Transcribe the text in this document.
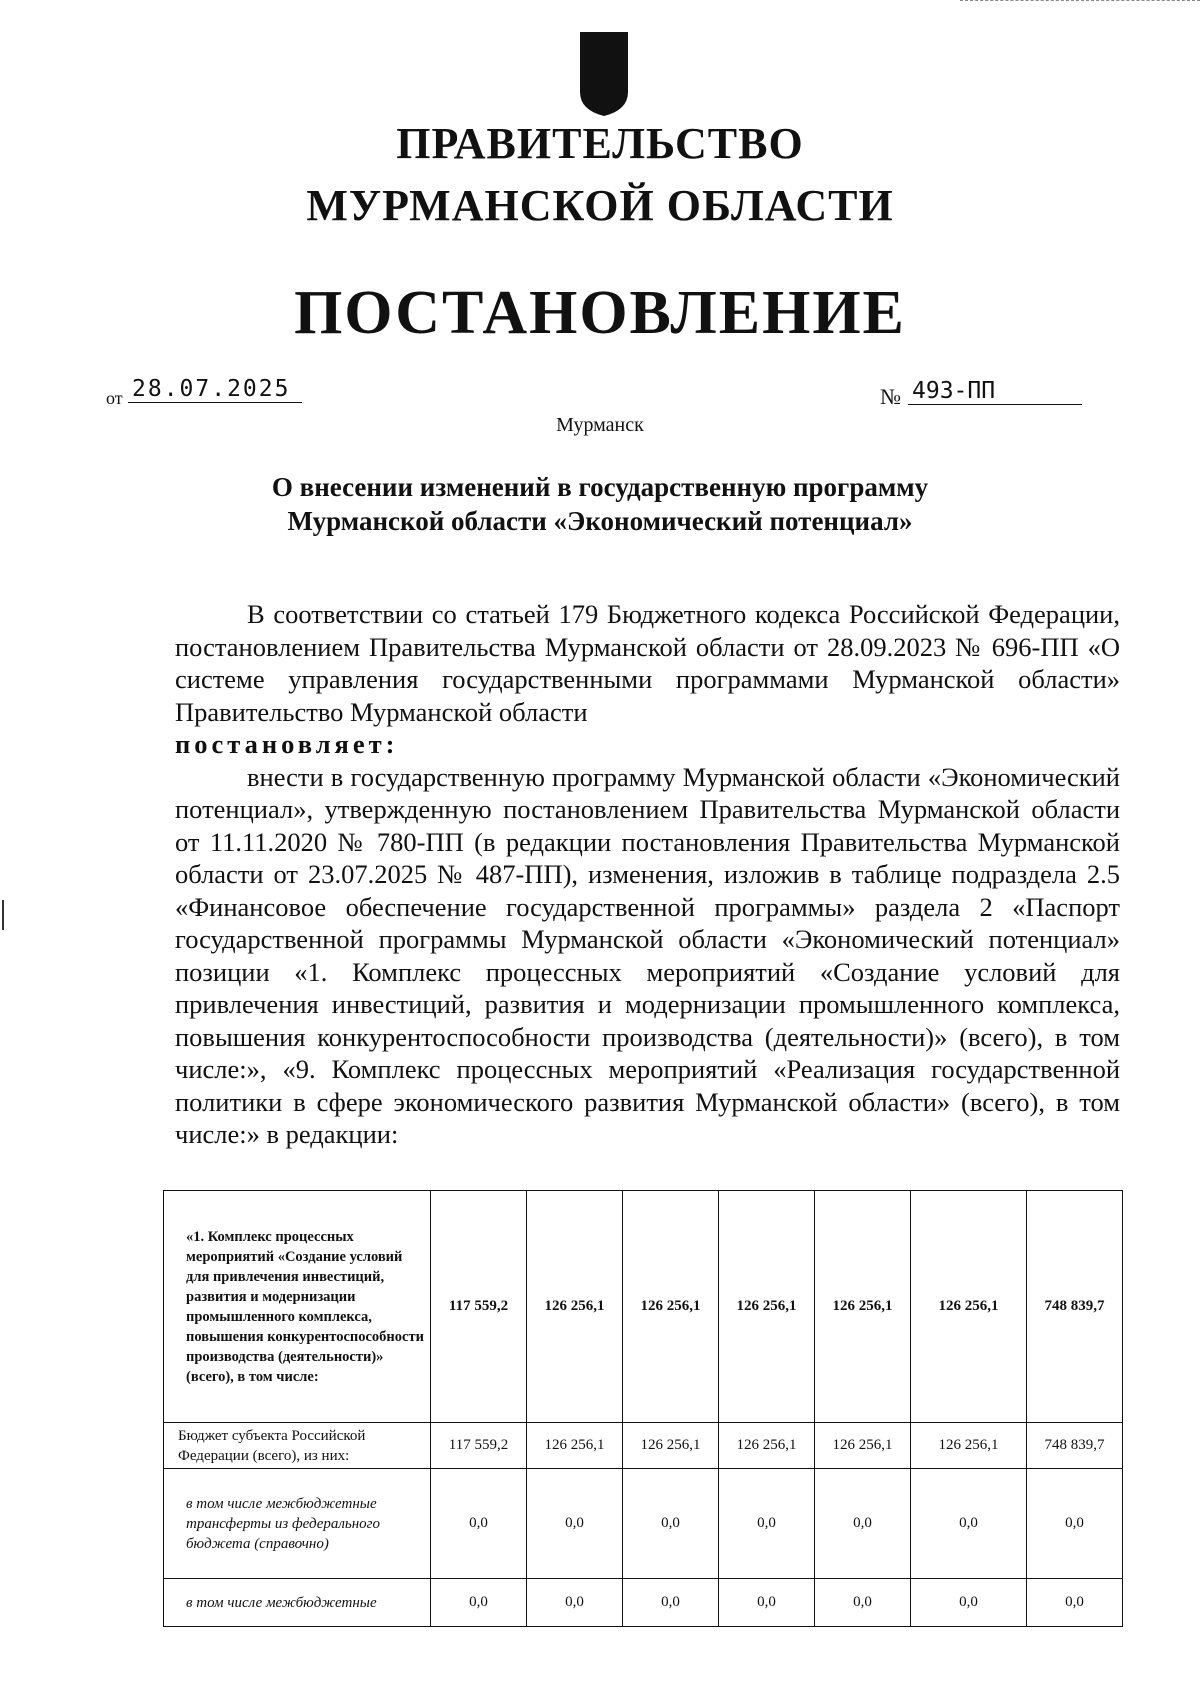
ПРАВИТЕЛЬСТВО
МУРМАНСКОЙ ОБЛАСТИ
ПОСТАНОВЛЕНИЕ
от 28.07.2025	№ 493-ПП
Мурманск
О внесении изменений в государственную программу
Мурманской области «Экономический потенциал»

В соответствии со статьей 179 Бюджетного кодекса Российской Федерации, постановлением Правительства Мурманской области от 28.09.2023 № 696-ПП «О системе управления государственными программами Мурманской области» Правительство Мурманской области

постановляет:

внести в государственную программу Мурманской области «Экономический потенциал», утвержденную постановлением Правительства Мурманской области от 11.11.2020 № 780-ПП (в редакции постановления Правительства Мурманской области от 23.07.2025 № 487-ПП), изменения, изложив в таблице подраздела 2.5 «Финансовое обеспечение государственной программы» раздела 2 «Паспорт государственной программы Мурманской области «Экономический потенциал» позиции «1. Комплекс процессных мероприятий «Создание условий для привлечения инвестиций, развития и модернизации промышленного комплекса, повышения конкурентоспособности производства (деятельности)» (всего), в том числе:», «9. Комплекс процессных мероприятий «Реализация государственной политики в сфере экономического развития Мурманской области» (всего), в том числе:» в редакции:

«1. Комплекс процессных мероприятий «Создание условий для привлечения инвестиций, развития и модернизации промышленного комплекса, повышения конкурентоспособности производства (деятельности)» (всего), в том числе:	117 559,2	126 256,1	126 256,1	126 256,1	126 256,1	126 256,1	748 839,7
Бюджет субъекта Российской Федерации (всего), из них:	117 559,2	126 256,1	126 256,1	126 256,1	126 256,1	126 256,1	748 839,7
в том числе межбюджетные трансферты из федерального бюджета (справочно)	0,0	0,0	0,0	0,0	0,0	0,0	0,0
в том числе межбюджетные	0,0	0,0	0,0	0,0	0,0	0,0	0,0
